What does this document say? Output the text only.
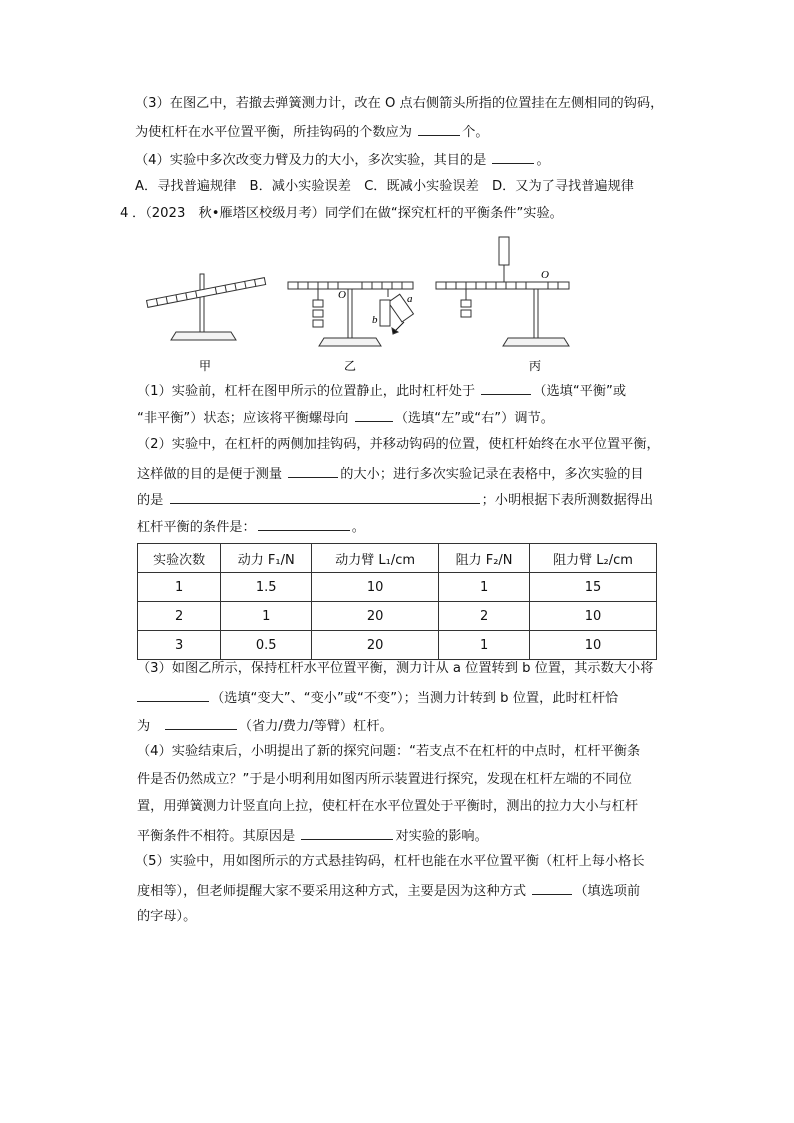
（3）在图乙中，若撤去弹簧测力计，改在 O 点右侧箭头所指的位置挂在左侧相同的钩码，
为使杠杆在水平位置平衡，所挂钩码的个数应为	个。
（4）实验中多次改变力臂及力的大小，多次实验，其目的是	。
A．寻找普遍规律　B．减小实验误差　C．既减小实验误差　D．又为了寻找普遍规律
4 ．（2023　秋•雁塔区校级月考）同学们在做“探究杠杆的平衡条件”实验。
甲
O	a
b
乙
O
丙
（1）实验前，杠杆在图甲所示的位置静止，此时杠杆处于	（选填“平衡”或
“非平衡”）状态；应该将平衡螺母向	（选填“左”或“右”）调节。
（2）实验中，在杠杆的两侧加挂钩码，并移动钩码的位置，使杠杆始终在水平位置平衡，
这样做的目的是便于测量	的大小；进行多次实验记录在表格中，多次实验的目
的是	；小明根据下表所测数据得出
杠杆平衡的条件是：	。
实验次数	动力 F₁/N	动力臂 L₁/cm	阻力 F₂/N	阻力臂 L₂/cm
1	1.5	10	1	15
2	1	20	2	10
3	0.5	20	1	10
（3）如图乙所示，保持杠杆水平位置平衡，测力计从 a 位置转到 b 位置，其示数大小将
（选填“变大”、“变小”或“不变”）；当测力计转到 b 位置，此时杠杆恰
为	（省力/费力/等臂）杠杆。
（4）实验结束后，小明提出了新的探究问题：“若支点不在杠杆的中点时，杠杆平衡条
件是否仍然成立？”于是小明利用如图丙所示装置进行探究，发现在杠杆左端的不同位
置，用弹簧测力计竖直向上拉，使杠杆在水平位置处于平衡时，测出的拉力大小与杠杆
平衡条件不相符。其原因是	对实验的影响。
（5）实验中，用如图所示的方式悬挂钩码，杠杆也能在水平位置平衡（杠杆上每小格长
度相等），但老师提醒大家不要采用这种方式，主要是因为这种方式	（填选项前
的字母）。
